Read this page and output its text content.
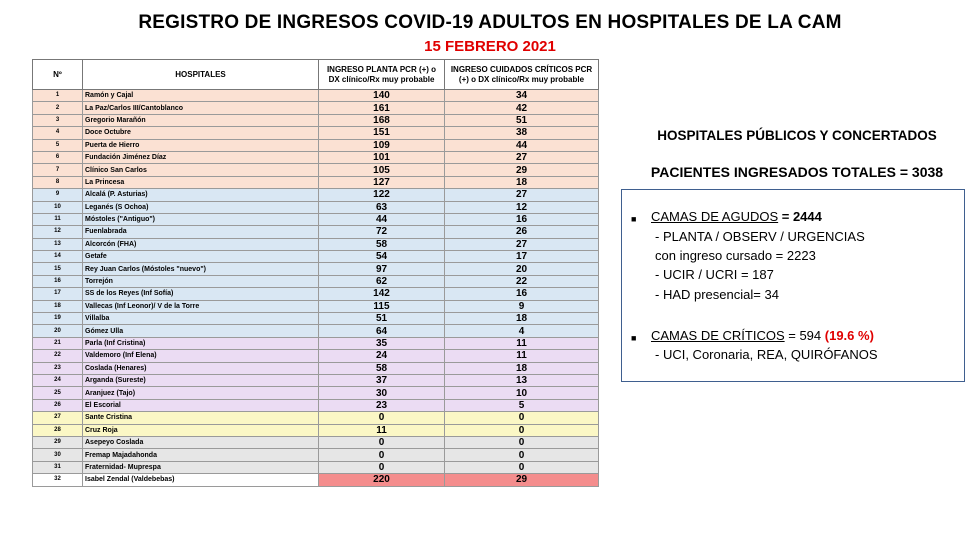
REGISTRO DE INGRESOS COVID-19 ADULTOS EN HOSPITALES DE LA CAM
15 FEBRERO 2021
Nº	HOSPITALES	INGRESO PLANTA PCR (+) o DX clínico/Rx muy probable	INGRESO CUIDADOS CRÍTICOS PCR (+) o DX clínico/Rx muy probable
1	Ramón y Cajal	140	34
2	La Paz/Carlos III/Cantoblanco	161	42
3	Gregorio Marañón	168	51
4	Doce Octubre	151	38
5	Puerta de Hierro	109	44
6	Fundación Jiménez Díaz	101	27
7	Clínico San Carlos	105	29
8	La Princesa	127	18
9	Alcalá (P. Asturias)	122	27
10	Leganés (S Ochoa)	63	12
11	Móstoles ("Antiguo")	44	16
12	Fuenlabrada	72	26
13	Alcorcón (FHA)	58	27
14	Getafe	54	17
15	Rey Juan Carlos (Móstoles "nuevo")	97	20
16	Torrejón	62	22
17	SS de los Reyes (Inf Sofía)	142	16
18	Vallecas (Inf Leonor)/ V de la Torre	115	9
19	Villalba	51	18
20	Gómez Ulla	64	4
21	Parla (Inf Cristina)	35	11
22	Valdemoro (Inf Elena)	24	11
23	Coslada (Henares)	58	18
24	Arganda (Sureste)	37	13
25	Aranjuez (Tajo)	30	10
26	El Escorial	23	5
27	Sante Cristina	0	0
28	Cruz Roja	11	0
29	Asepeyo Coslada	0	0
30	Fremap Majadahonda	0	0
31	Fraternidad- Muprespa	0	0
32	Isabel Zendal (Valdebebas)	220	29
HOSPITALES PÚBLICOS Y CONCERTADOS
PACIENTES INGRESADOS TOTALES = 3038
■ CAMAS DE AGUDOS = 2444
- PLANTA / OBSERV / URGENCIAS
con ingreso cursado = 2223
- UCIR / UCRI = 187
- HAD presencial= 34
■ CAMAS DE CRÍTICOS = 594 (19.6 %)
- UCI, Coronaria, REA, QUIRÓFANOS
